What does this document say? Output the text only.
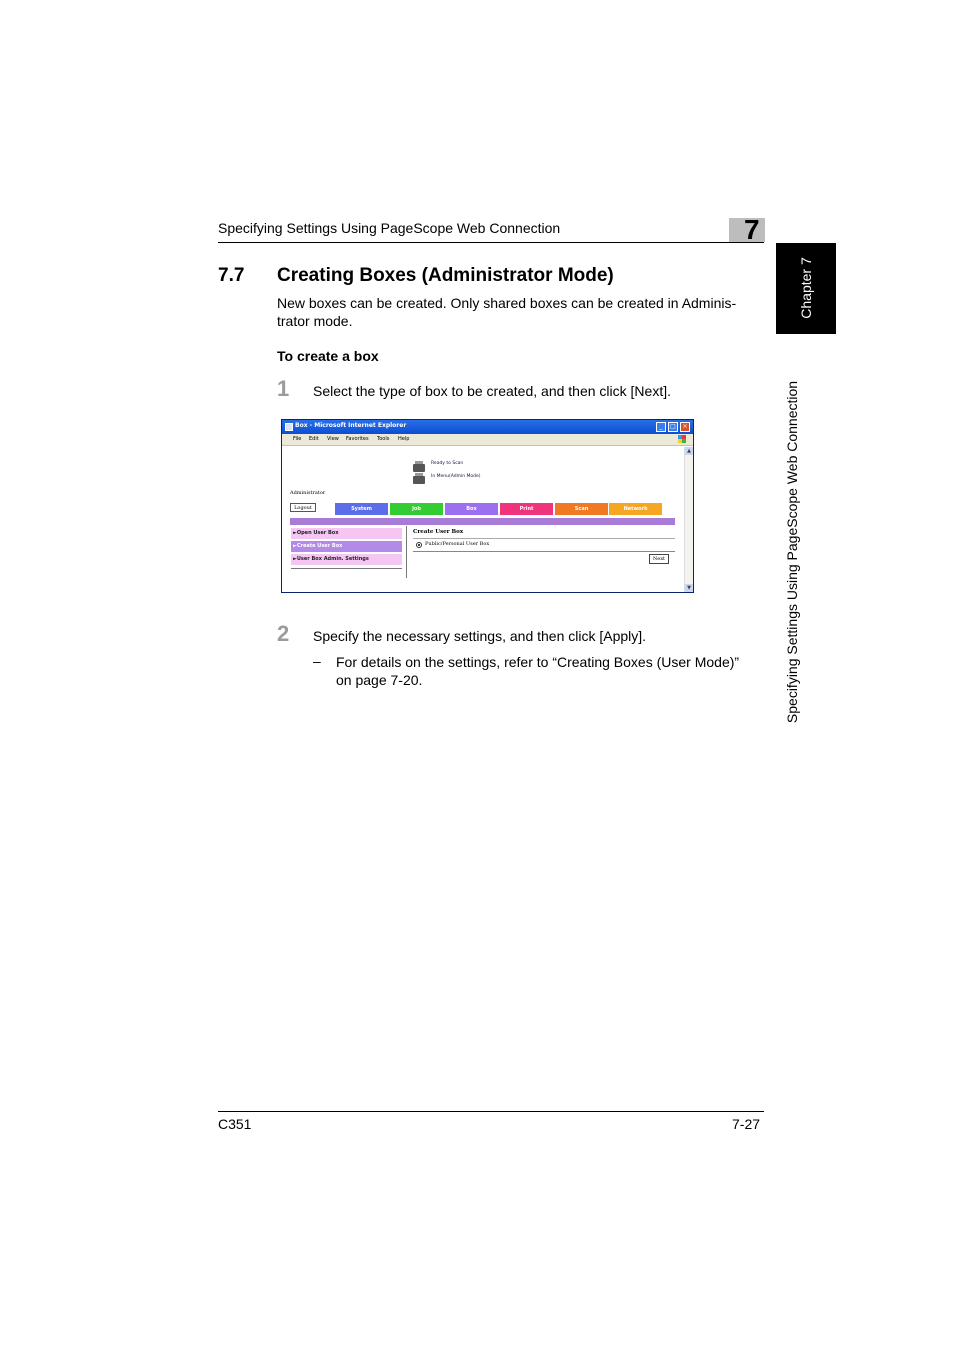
Specifying Settings Using PageScope Web Connection	7
Chapter 7
Specifying Settings Using PageScope Web Connection
7.7 Creating Boxes (Administrator Mode)
New boxes can be created. Only shared boxes can be created in Adminis-
trator mode.
To create a box
1 Select the type of box to be created, and then click [Next].
Box - Microsoft Internet Explorer	_	□	×
File Edit View Favorites Tools Help
▲
▼
Ready to Scan
In Menu(Admin Mode)
Administrator
Logout	System	Job	Box	Print	Scan	Network
►Open User Box
►Create User Box
►User Box Admin. Settings
Create User Box
Public/Personal User Box
Next
2 Specify the necessary settings, and then click [Apply].
– For details on the settings, refer to “Creating Boxes (User Mode)”
on page 7-20.
C351	7-27
